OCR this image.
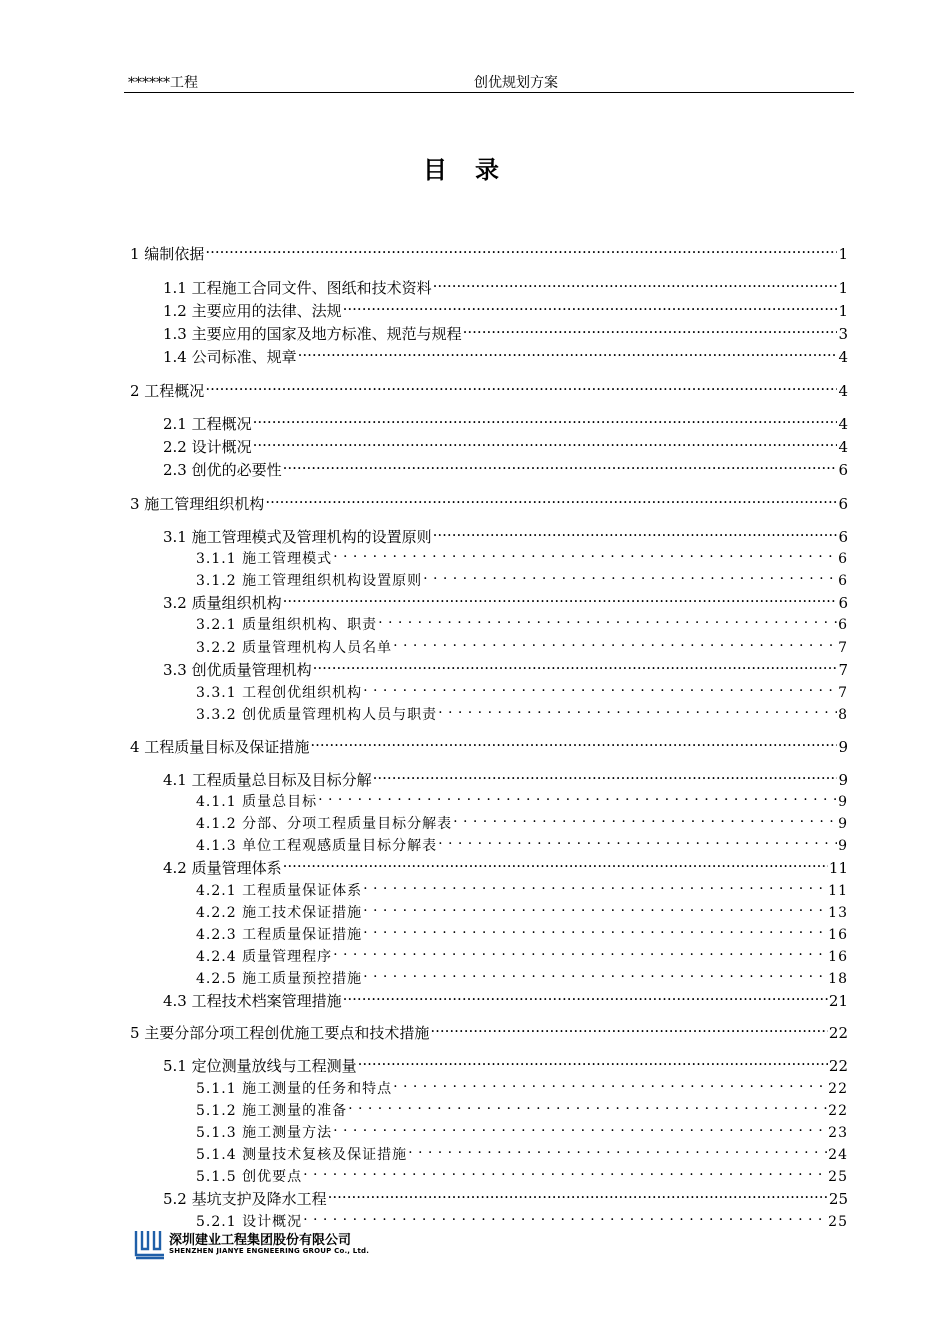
******工程	创优规划方案
目录
1 编制依据 .....	1
1.1 工程施工合同文件、图纸和技术资料 .....	1
1.2 主要应用的法律、法规 .....	1
1.3 主要应用的国家及地方标准、规范与规程 .....	3
1.4 公司标准、规章 .....	4
2 工程概况 .....	4
2.1 工程概况 .....	4
2.2 设计概况 .....	4
2.3 创优的必要性 .....	6
3 施工管理组织机构 .....	6
3.1 施工管理模式及管理机构的设置原则 .....	6
3.1.1 施工管理模式 . . .	6
3.1.2 施工管理组织机构设置原则 . . .	6
3.2 质量组织机构 .....	6
3.2.1 质量组织机构、职责 . . .	6
3.2.2 质量管理机构人员名单 . . .	7
3.3 创优质量管理机构 .....	7
3.3.1 工程创优组织机构 . . .	7
3.3.2 创优质量管理机构人员与职责 . . .	8
4 工程质量目标及保证措施 .....	9
4.1 工程质量总目标及目标分解 .....	9
4.1.1 质量总目标 . . .	9
4.1.2 分部、分项工程质量目标分解表 . . .	9
4.1.3 单位工程观感质量目标分解表 . . .	9
4.2 质量管理体系 .....	11
4.2.1 工程质量保证体系 . . .	11
4.2.2 施工技术保证措施 . . .	13
4.2.3 工程质量保证措施 . . .	16
4.2.4 质量管理程序 . . .	16
4.2.5 施工质量预控措施 . . .	18
4.3 工程技术档案管理措施 .....	21
5 主要分部分项工程创优施工要点和技术措施 .....	22
5.1 定位测量放线与工程测量 .....	22
5.1.1 施工测量的任务和特点 . . .	22
5.1.2 施工测量的准备 . . .	22
5.1.3 施工测量方法 . . .	23
5.1.4 测量技术复核及保证措施 . . .	24
5.1.5 创优要点 . . .	25
5.2 基坑支护及降水工程 .....	25
5.2.1 设计概况 . . .	25
深圳建业工程集团股份有限公司
SHENZHEN JIANYE ENGNEERING GROUP Co., Ltd.
